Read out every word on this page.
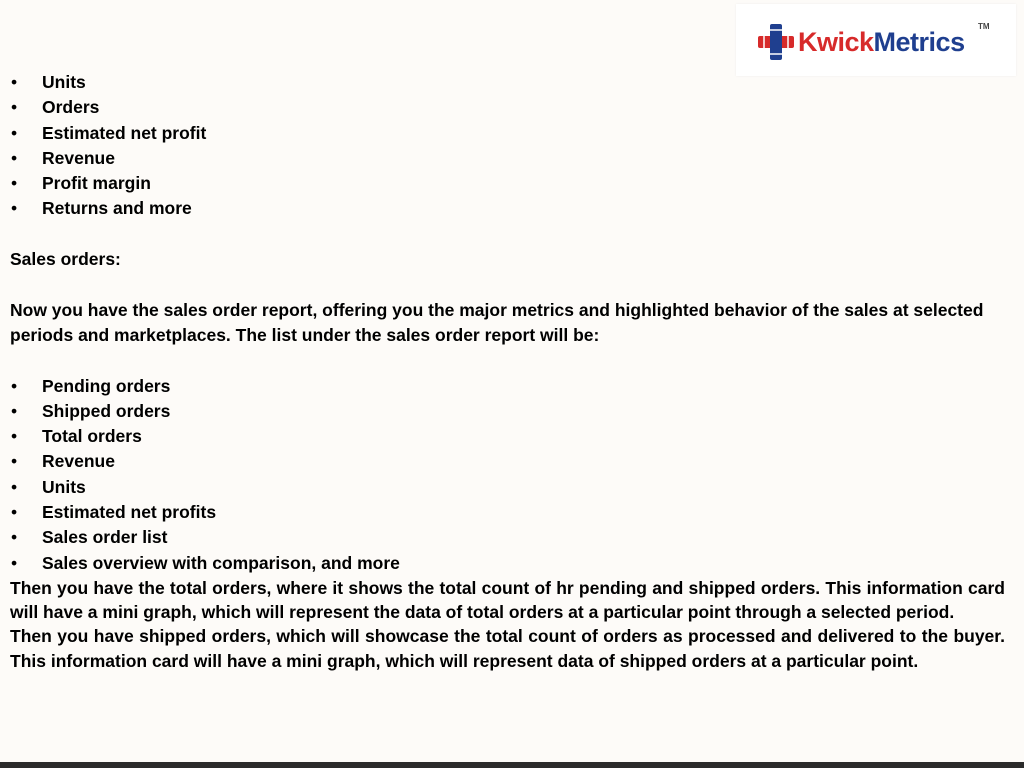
KwickMetrics
TM
• Units
• Orders
• Estimated net profit
• Revenue
• Profit margin
• Returns and more

Sales orders:

Now you have the sales order report, offering you the major metrics and highlighted behavior of the sales at selected periods and marketplaces. The list under the sales order report will be:

• Pending orders
• Shipped orders
• Total orders
• Revenue
• Units
• Estimated net profits
• Sales order list
• Sales overview with comparison, and more

Then you have the total orders, where it shows the total count of hr pending and shipped orders. This information card will have a mini graph, which will represent the data of total orders at a particular point through a selected period.

Then you have shipped orders, which will showcase the total count of orders as processed and delivered to the buyer. This information card will have a mini graph, which will represent data of shipped orders at a particular point.
